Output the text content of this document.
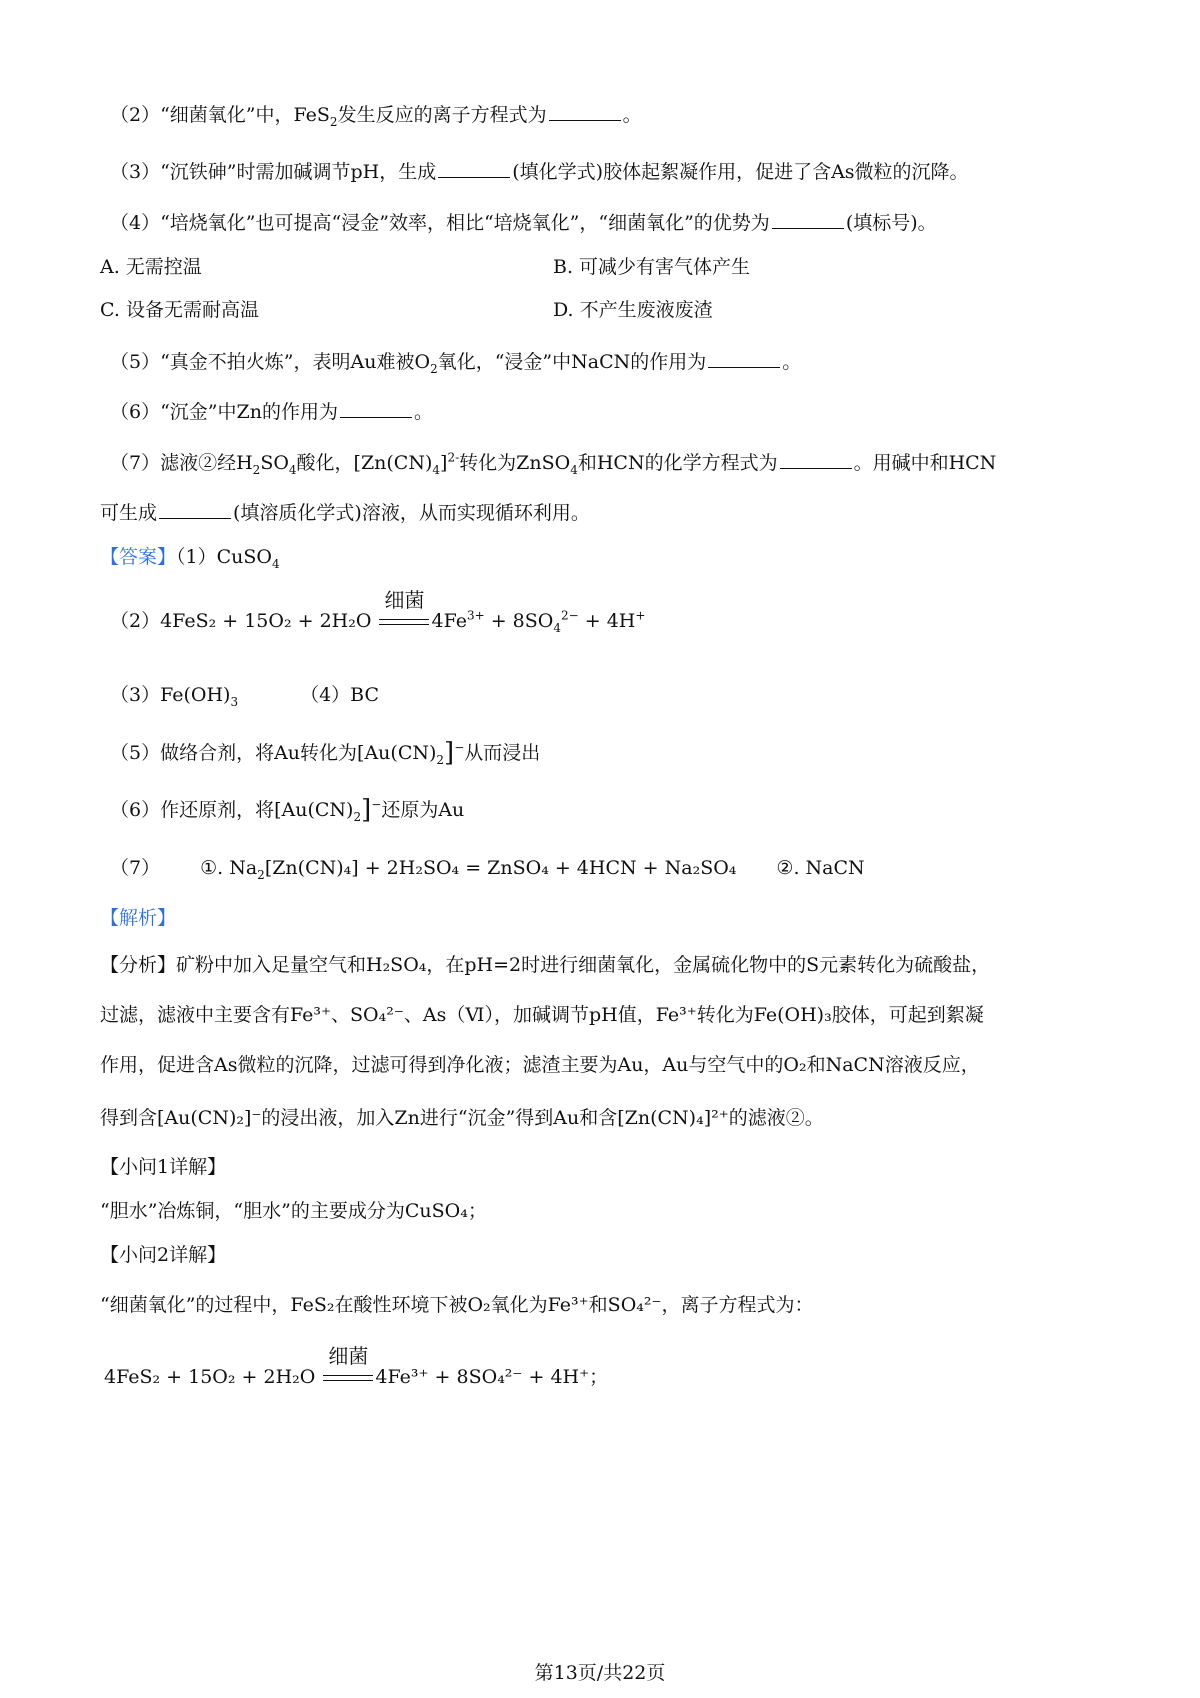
（2）“细菌氧化”中，FeS$_2$发生反应的离子方程式为	。
（3）“沉铁砷”时需加碱调节pH，生成	(填化学式)胶体起絮凝作用，促进了含As微粒的沉降。
（4）“培烧氧化”也可提高“浸金”效率，相比“培烧氧化”，“细菌氧化”的优势为	(填标号)。
A. 无需控温	B. 可减少有害气体产生
C. 设备无需耐高温	D. 不产生废液废渣
（5）“真金不拍火炼”，表明Au难被$O_2$氧化，“浸金”中NaCN的作用为	。
（6）“沉金”中Zn的作用为	。
（7）滤液②经$H_2SO_4$酸化，$[Zn(CN)_4]^{2-}$转化为ZnSO$_4$和HCN的化学方程式为	。用碱中和HCN
可生成	(填溶质化学式)溶液，从而实现循环利用。
【答案】（1）CuSO$_4$
（2）4FeS₂ + 15O₂ + 2H₂O
细菌
$4Fe^{3+} + 8SO_4^{2-} + 4H^+$
$(3)Fe(OH)_3$	（4）BC
（5）做络合剂，将Au转化为$[Au(CN)_2]^-$从而浸出
（6）作还原剂，将$[Au(CN)_2]^-$还原为Au
（7） ①. $Na_2[Zn(CN)_4] + 2H_2SO_4$ = ZnSO₄ + 4HCN + Na₂SO₄ ②. NaCN
【解析】
【分析】矿粉中加入足量空气和H₂SO₄，在pH=2时进行细菌氧化，金属硫化物中的S元素转化为硫酸盐，
过滤，滤液中主要含有Fe³⁺、SO₄²⁻、As（Ⅵ），加碱调节pH值，Fe³⁺转化为Fe(OH)₃胶体，可起到絮凝
作用，促进含As微粒的沉降，过滤可得到净化液；滤渣主要为Au，Au与空气中的O₂和NaCN溶液反应，
得到含[Au(CN)₂]⁻的浸出液，加入Zn进行“沉金”得到Au和含[Zn(CN)₄]²⁺的滤液②。
【小问1详解】
“胆水”冶炼铜，“胆水”的主要成分为CuSO₄；
【小问2详解】
“细菌氧化”的过程中，FeS₂在酸性环境下被O₂氧化为Fe³⁺和SO₄²⁻，离子方程式为：
4FeS₂ + 15O₂ + 2H₂O
细菌
4Fe³⁺ + 8SO₄²⁻ + 4H⁺；
第13页/共22页
